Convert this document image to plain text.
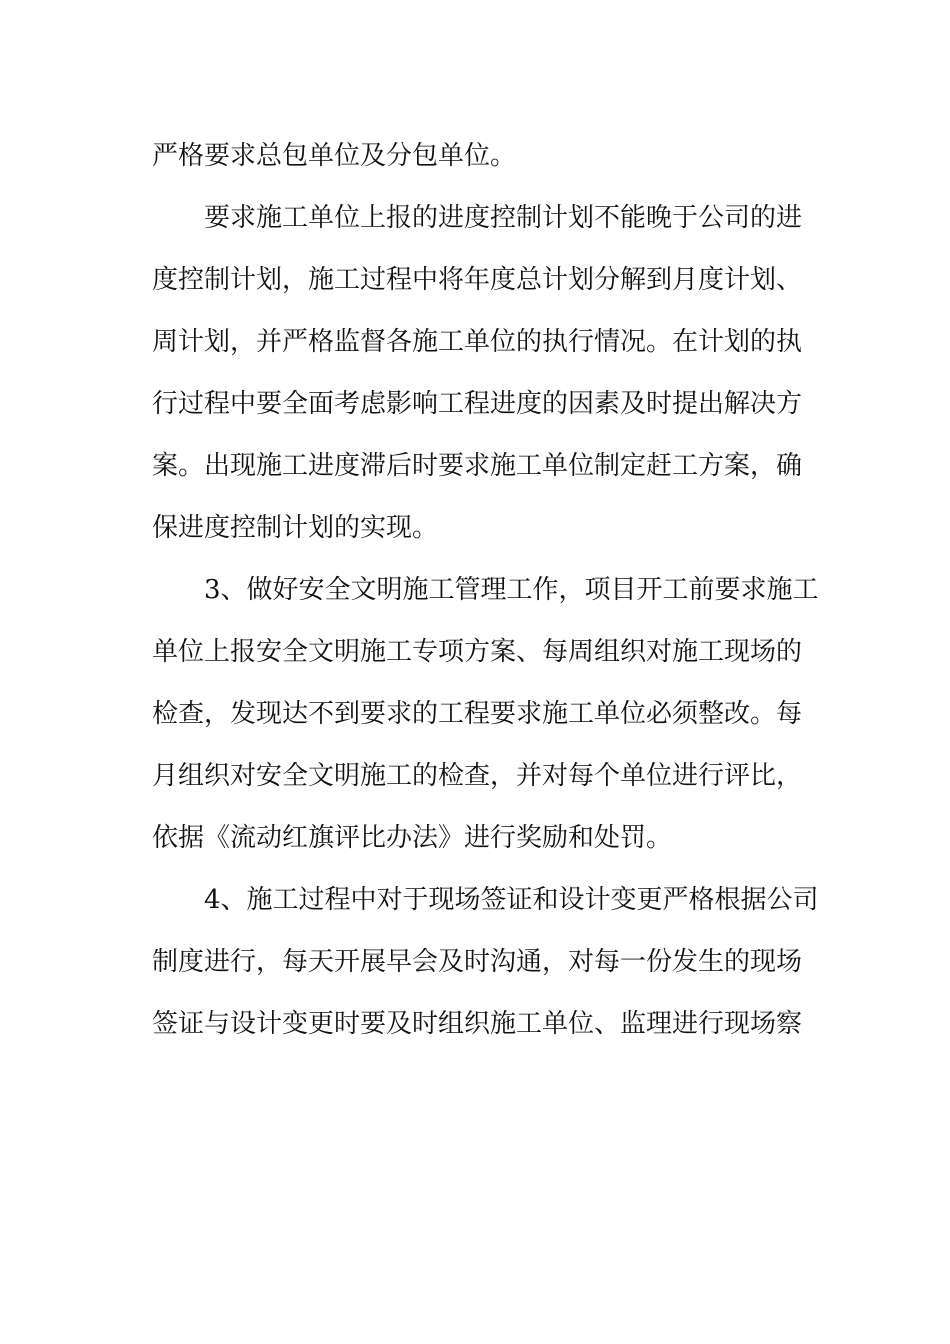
严格要求总包单位及分包单位。
要求施工单位上报的进度控制计划不能晚于公司的进
度控制计划，施工过程中将年度总计划分解到月度计划、
周计划，并严格监督各施工单位的执行情况。在计划的执
行过程中要全面考虑影响工程进度的因素及时提出解决方
案。出现施工进度滞后时要求施工单位制定赶工方案，确
保进度控制计划的实现。
3、做好安全文明施工管理工作，项目开工前要求施工
单位上报安全文明施工专项方案、每周组织对施工现场的
检查，发现达不到要求的工程要求施工单位必须整改。每
月组织对安全文明施工的检查，并对每个单位进行评比，
依据《流动红旗评比办法》进行奖励和处罚。
4、施工过程中对于现场签证和设计变更严格根据公司
制度进行，每天开展早会及时沟通，对每一份发生的现场
签证与设计变更时要及时组织施工单位、监理进行现场察
